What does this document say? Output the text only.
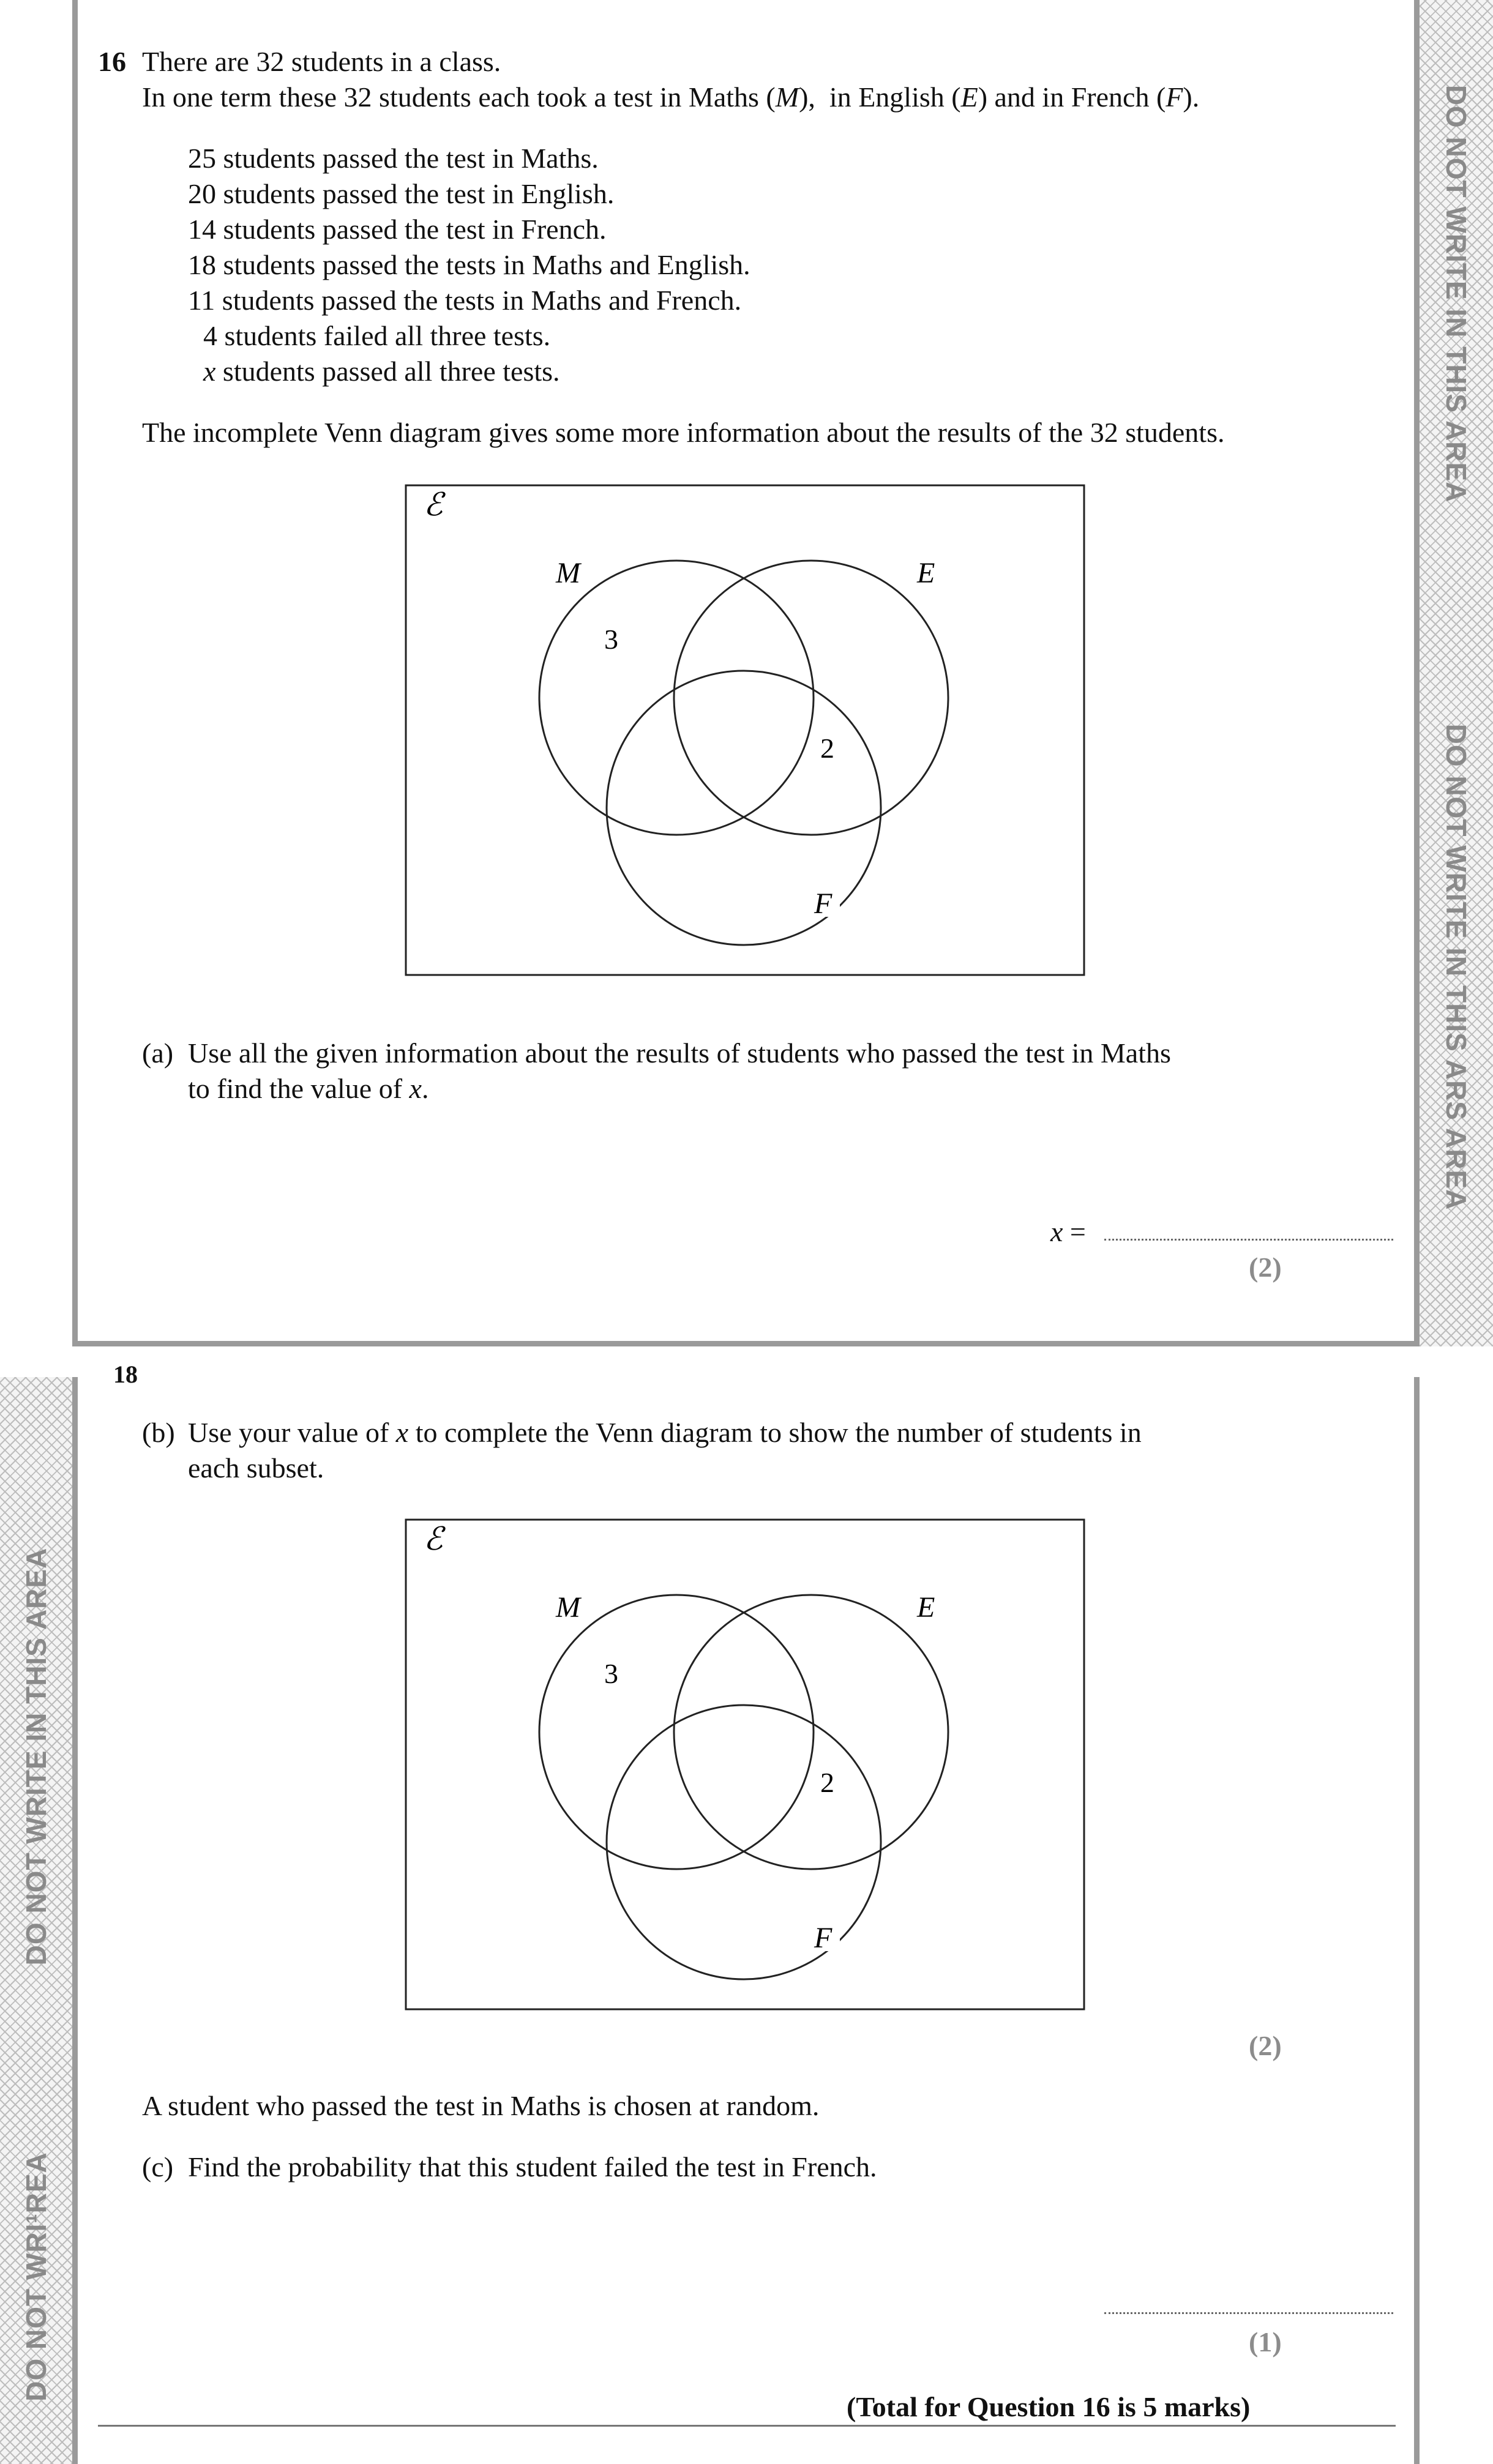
DO NOT WRITE IN THIS AREA
DO NOT WRITE IN THIS ARS AREA
DO NOT WRITE IN THIS AREA
DO NOT WRI¹REA
18
16 There are 32 students in a class.
In one term these 32 students each took a test in Maths (M),  in English (E) and in French (F).
25 students passed the test in Maths.
20 students passed the test in English.
14 students passed the test in French.
18 students passed the tests in Maths and English.
11 students passed the tests in Maths and French.
4 students failed all three tests.
x students passed all three tests.
The incomplete Venn diagram gives some more information about the results of the 32 students.
ℰ
M	E
F
3
2
(a) Use all the given information about the results of students who passed the test in Maths
to find the value of x.
x =
(2)
(b) Use your value of x to complete the Venn diagram to show the number of students in
each subset.
ℰ
M	E
F
3
2
(2)
A student who passed the test in Maths is chosen at random.
(c) Find the probability that this student failed the test in French.
(1)
(Total for Question 16 is 5 marks)
